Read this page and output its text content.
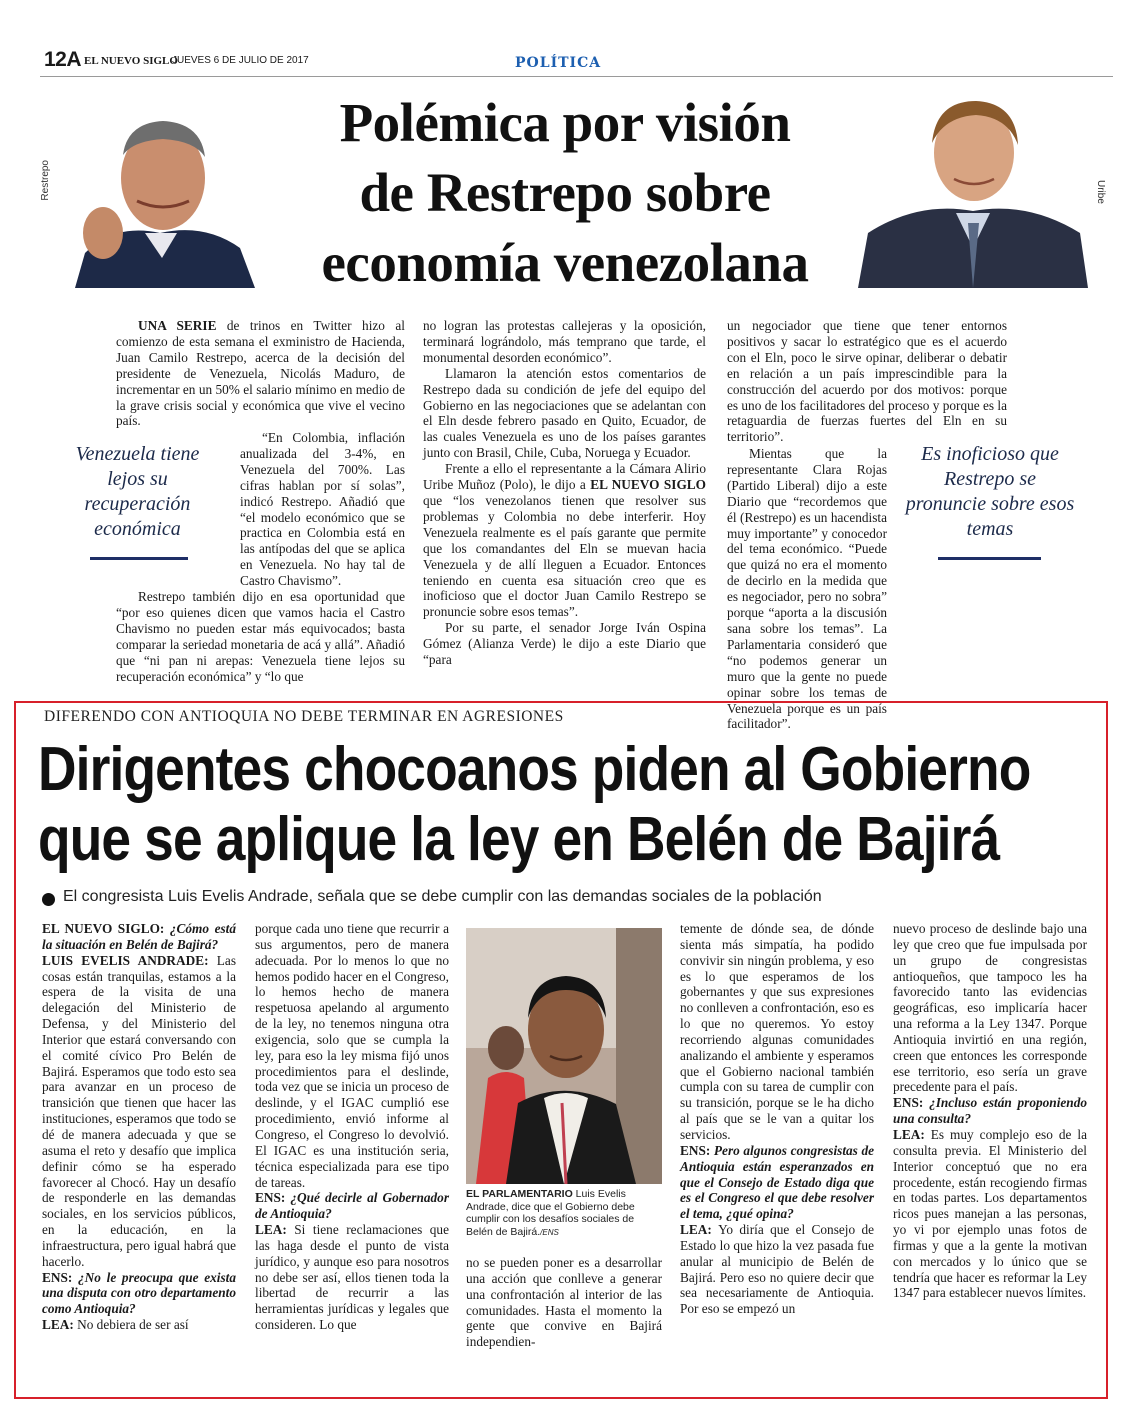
12A EL NUEVO SIGLO
JUEVES 6 DE JULIO DE 2017	POLÍTICA
Restrepo	Uribe
Polémica por visión
de Restrepo sobre
economía venezolana

UNA SERIE de trinos en Twitter hizo al comienzo de esta semana el exministro de Hacienda, Juan Camilo Restrepo, acerca de la decisión del presidente de Venezuela, Nicolás Maduro, de incrementar en un 50% el salario mínimo en medio de la grave crisis social y económica que vive el vecino país.

Venezuela tiene lejos su recuperación económica

“En Colombia, inflación anualizada del 3-4%, en Venezuela del 700%. Las cifras hablan por sí solas”, indicó Restrepo. Añadió que “el modelo económico que se practica en Colombia está en las antípodas del que se aplica en Venezuela. No hay tal de Castro Chavismo”.

Restrepo también dijo en esa oportunidad que “por eso quienes dicen que vamos hacia el Castro Chavismo no pueden estar más equivocados; basta comparar la seriedad monetaria de acá y allá”. Añadió que “ni pan ni arepas: Venezuela tiene lejos su recuperación económica” y “lo que

no logran las protestas callejeras y la oposición, terminará lográndolo, más temprano que tarde, el monumental desorden económico”.

Llamaron la atención estos comentarios de Restrepo dada su condición de jefe del equipo del Gobierno en las negociaciones que se adelantan con el Eln desde febrero pasado en Quito, Ecuador, de las cuales Venezuela es uno de los países garantes junto con Brasil, Chile, Cuba, Noruega y Ecuador.

Frente a ello el representante a la Cámara Alirio Uribe Muñoz (Polo), le dijo a EL NUEVO SIGLO que “los venezolanos tienen que resolver sus problemas y Colombia no debe interferir. Hoy Venezuela realmente es el país garante que permite que los comandantes del Eln se muevan hacia Venezuela y de allí lleguen a Ecuador. Entonces teniendo en cuenta esa situación creo que es inoficioso que el doctor Juan Camilo Restrepo se pronuncie sobre esos temas”.

Por su parte, el senador Jorge Iván Ospina Gómez (Alianza Verde) le dijo a este Diario que “para

un negociador que tiene que tener entornos positivos y sacar lo estratégico que es el acuerdo con el Eln, poco le sirve opinar, deliberar o debatir en relación a un país imprescindible para la construcción del acuerdo por dos motivos: porque es uno de los facilitadores del proceso y porque es la retaguardia de fuerzas fuertes del Eln en su territorio”.

Mientas que la representante Clara Rojas (Partido Liberal) dijo a este Diario que “recordemos que él (Restrepo) es un hacendista muy importante” y conocedor del tema económico. “Puede que quizá no era el momento de decirlo en la medida que es negociador, pero no sobra” porque “aporta a la discusión sana sobre los temas”. La Parlamentaria consideró que “no podemos generar un muro que la gente no puede opinar sobre los temas de Venezuela porque es un país facilitador”.

Es inoficioso que Restrepo se pronuncie sobre esos temas
DIFERENDO CON ANTIOQUIA NO DEBE TERMINAR EN AGRESIONES
Dirigentes chocoanos piden al Gobierno
que se aplique la ley en Belén de Bajirá
El congresista Luis Evelis Andrade, señala que se debe cumplir con las demandas sociales de la población

EL NUEVO SIGLO: ¿Cómo está la situación en Belén de Bajirá?

LUIS EVELIS ANDRADE: Las cosas están tranquilas, estamos a la espera de la visita de una delegación del Ministerio de Defensa, y del Ministerio del Interior que estará conversando con el comité cívico Pro Belén de Bajirá. Esperamos que todo esto sea para avanzar en un proceso de transición que tienen que hacer las instituciones, esperamos que todo se dé de manera adecuada y que se asuma el reto y desafío que implica definir cómo se ha esperado favorecer al Chocó. Hay un desafío de responderle en las demandas sociales, en los servicios públicos, en la educación, en la infraestructura, pero igual habrá que hacerlo.

ENS: ¿No le preocupa que exista una disputa con otro departamento como Antioquia?

LEA: No debiera de ser así

porque cada uno tiene que recurrir a sus argumentos, pero de manera adecuada. Por lo menos lo que no hemos podido hacer en el Congreso, lo hemos hecho de manera respetuosa apelando al argumento de la ley, no tenemos ninguna otra exigencia, solo que se cumpla la ley, para eso la ley misma fijó unos procedimientos para el deslinde, toda vez que se inicia un proceso de deslinde, y el IGAC cumplió ese procedimiento, envió informe al Congreso, el Congreso lo devolvió. El IGAC es una institución seria, técnica especializada para ese tipo de tareas.

ENS: ¿Qué decirle al Gobernador de Antioquia?

LEA: Si tiene reclamaciones que las haga desde el punto de vista jurídico, y aunque eso para nosotros no debe ser así, ellos tienen toda la libertad de recurrir a las herramientas jurídicas y legales que consideren. Lo que

EL PARLAMENTARIO Luis Evelis Andrade, dice que el Gobierno debe cumplir con los desafíos sociales de Belén de Bajirá./ENS

no se pueden poner es a desarrollar una acción que conlleve a generar una confrontación al interior de las comunidades. Hasta el momento la gente que convive en Bajirá independien-

temente de dónde sea, de dónde sienta más simpatía, ha podido convivir sin ningún problema, y eso es lo que esperamos de los gobernantes y que sus expresiones no conlleven a confrontación, eso es lo que no queremos. Yo estoy recorriendo algunas comunidades analizando el ambiente y esperamos que el Gobierno nacional también cumpla con su tarea de cumplir con su transición, porque se le ha dicho al país que se le van a quitar los servicios.

ENS: Pero algunos congresistas de Antioquia están esperanzados en que el Consejo de Estado diga que es el Congreso el que debe resolver el tema, ¿qué opina?

LEA: Yo diría que el Consejo de Estado lo que hizo la vez pasada fue anular al municipio de Belén de Bajirá. Pero eso no quiere decir que sea necesariamente de Antioquia. Por eso se empezó un

nuevo proceso de deslinde bajo una ley que creo que fue impulsada por un grupo de congresistas antioqueños, que tampoco les ha favorecido tanto las evidencias geográficas, eso implicaría hacer una reforma a la Ley 1347. Porque Antioquia invirtió en una región, creen que entonces les corresponde ese territorio, eso sería un grave precedente para el país.

ENS: ¿Incluso están proponiendo una consulta?

LEA: Es muy complejo eso de la consulta previa. El Ministerio del Interior conceptuó que no era procedente, están recogiendo firmas en todas partes. Los departamentos ricos pues manejan a las personas, yo vi por ejemplo unas fotos de firmas y que a la gente la motivan con mercados y lo único que se tendría que hacer es reformar la Ley 1347 para establecer nuevos límites.
